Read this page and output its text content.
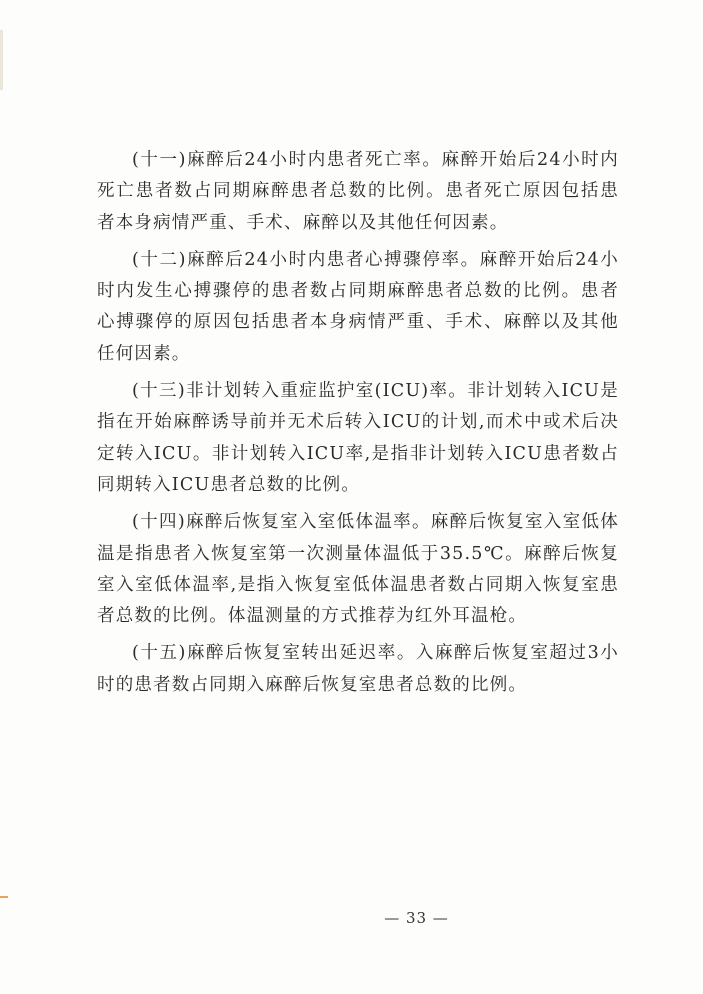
(十一)麻醉后24小时内患者死亡率。麻醉开始后24小时内死亡患者数占同期麻醉患者总数的比例。患者死亡原因包括患者本身病情严重、手术、麻醉以及其他任何因素。

(十二)麻醉后24小时内患者心搏骤停率。麻醉开始后24小时内发生心搏骤停的患者数占同期麻醉患者总数的比例。患者心搏骤停的原因包括患者本身病情严重、手术、麻醉以及其他任何因素。

(十三)非计划转入重症监护室(ICU)率。非计划转入ICU是指在开始麻醉诱导前并无术后转入ICU的计划,而术中或术后决定转入ICU。非计划转入ICU率,是指非计划转入ICU患者数占同期转入ICU患者总数的比例。

(十四)麻醉后恢复室入室低体温率。麻醉后恢复室入室低体温是指患者入恢复室第一次测量体温低于35.5℃。麻醉后恢复室入室低体温率,是指入恢复室低体温患者数占同期入恢复室患者总数的比例。体温测量的方式推荐为红外耳温枪。

(十五)麻醉后恢复室转出延迟率。入麻醉后恢复室超过3小时的患者数占同期入麻醉后恢复室患者总数的比例。

— 33 —
